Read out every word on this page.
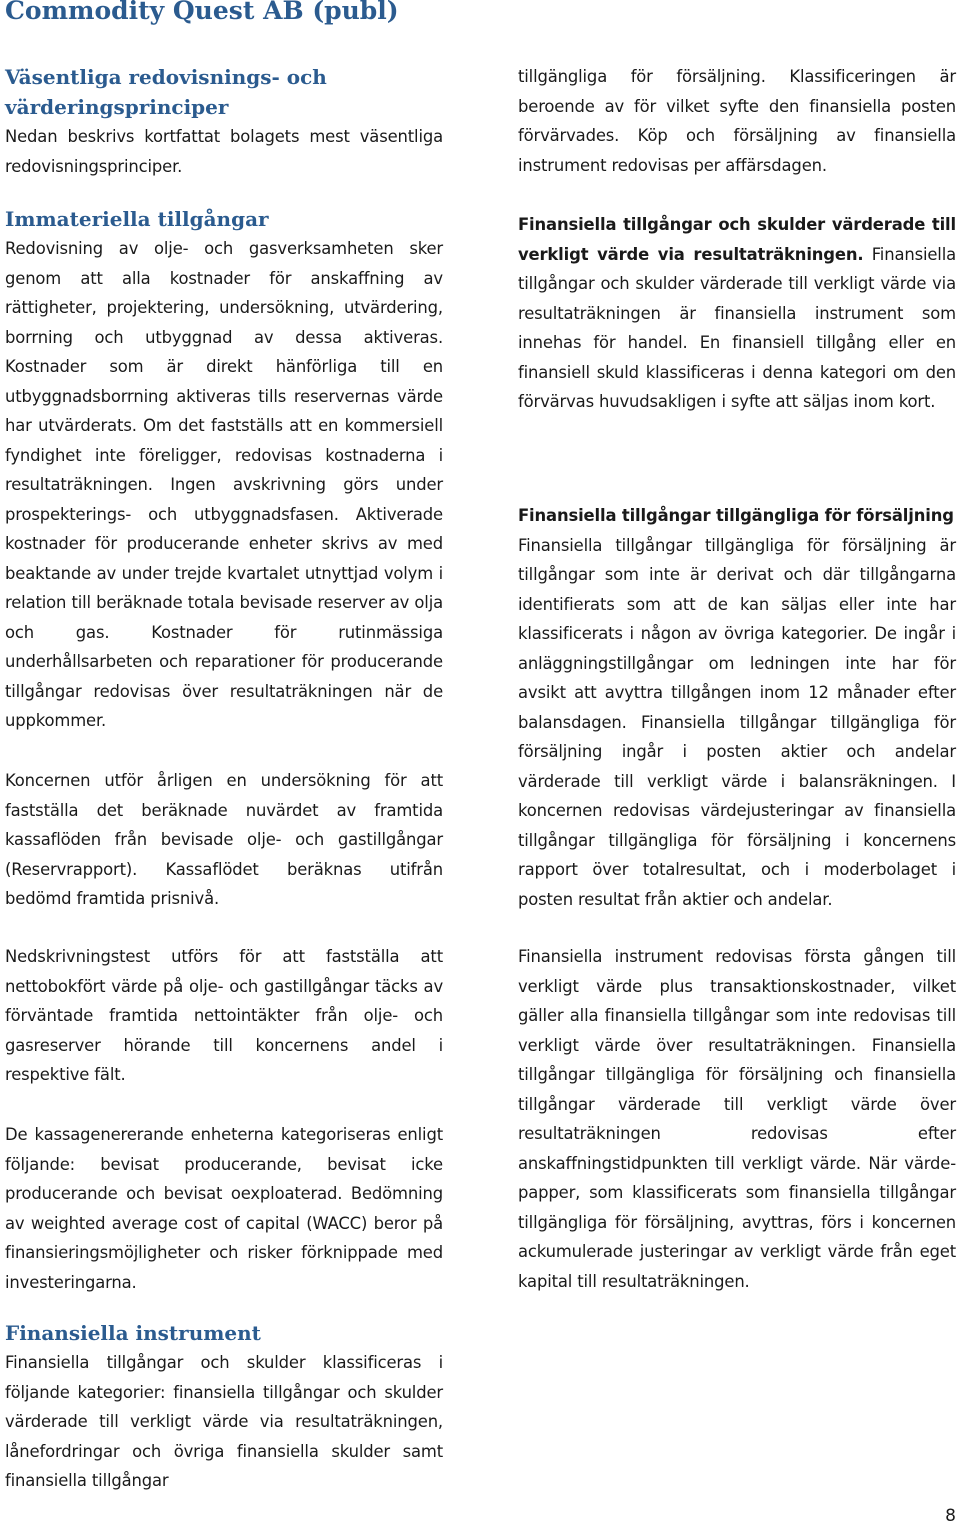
Commodity Quest AB (publ)
Väsentliga redovisnings- och värderingsprinciper
Nedan beskrivs kortfattat bolagets mest väsentliga redovisningsprinciper.
Immateriella tillgångar
Redovisning av olje- och gasverksamheten sker genom att alla kostnader för anskaffning av rättigheter, projektering, undersökning, utvärdering, borrning och utbyggnad av dessa aktiveras. Kostnader som är direkt hänförliga till en utbyggnadsborrning aktiveras tills reservernas värde har utvärderats. Om det fastställs att en kommersiell fyndighet inte föreligger, redovisas kostnaderna i resultaträkningen. Ingen avskrivning görs under prospekterings- och utbyggnadsfasen. Aktiverade kostnader för producerande enheter skrivs av med beaktande av under trejde kvartalet utnyttjad volym i relation till beräknade totala bevisade reserver av olja och gas. Kostnader för rutinmässiga underhållsarbeten och reparationer för producerande tillgångar redovisas över resultaträkningen när de uppkommer.
Koncernen utför årligen en undersökning för att fastställa det beräknade nuvärdet av framtida kassaflöden från bevisade olje- och gastillgångar (Reservrapport). Kassaflödet beräknas utifrån bedömd framtida prisnivå.
Nedskrivningstest utförs för att fastställa att nettobokfört värde på olje- och gastillgångar täcks av förväntade framtida nettointäkter från olje- och gasreserver hörande till koncernens andel i respektive fält.
De kassagenererande enheterna kategoriseras enligt följande: bevisat producerande, bevisat icke producerande och bevisat oexploaterad. Bedömning av weighted average cost of capital (WACC) beror på finansieringsmöjligheter och risker förknippade med investeringarna.
Finansiella instrument
Finansiella tillgångar och skulder klassificeras i följande kategorier: finansiella tillgångar och skulder värderade till verkligt värde via resultaträkningen, lånefordringar och övriga finansiella skulder samt finansiella tillgångar
tillgängliga för försäljning. Klassificeringen är beroende av för vilket syfte den finansiella posten förvärvades. Köp och försäljning av finansiella instrument redovisas per affärsdagen.
Finansiella tillgångar och skulder värderade till verkligt värde via resultaträkningen. Finansiella tillgångar och skulder värderade till verkligt värde via resultaträkningen är finansiella instrument som innehas för handel. En finansiell tillgång eller en finansiell skuld klassificeras i denna kategori om den förvärvas huvudsakligen i syfte att säljas inom kort.
Finansiella tillgångar tillgängliga för försäljning
Finansiella tillgångar tillgängliga för försäljning är tillgångar som inte är derivat och där tillgångarna identifierats som att de kan säljas eller inte har klassificerats i någon av övriga kategorier. De ingår i anläggningstillgångar om ledningen inte har för avsikt att avyttra tillgången inom 12 månader efter balansdagen. Finansiella tillgångar tillgängliga för försäljning ingår i posten aktier och andelar värderade till verkligt värde i balansräkningen. I koncernen redovisas värdejusteringar av finansiella tillgångar tillgängliga för försäljning i koncernens rapport över totalresultat, och i moderbolaget i posten resultat från aktier och andelar.
Finansiella instrument redovisas första gången till verkligt värde plus transaktionskostnader, vilket gäller alla finansiella tillgångar som inte redovisas till verkligt värde över resultaträkningen. Finansiella tillgångar tillgängliga för försäljning och finansiella tillgångar värderade till verkligt värde över resultaträkningen redovisas efter anskaffningstidpunkten till verkligt värde. När värde-papper, som klassificerats som finansiella tillgångar tillgängliga för försäljning, avyttras, förs i koncernen ackumulerade justeringar av verkligt värde från eget kapital till resultaträkningen.
8
